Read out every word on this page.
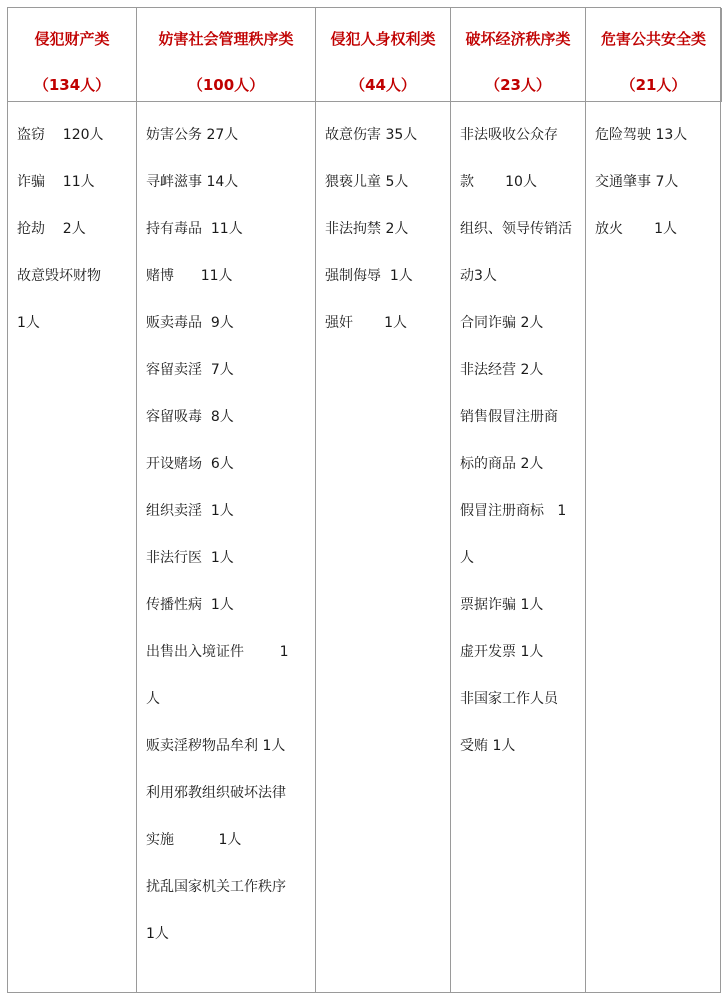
侵犯财产类
（134人）
妨害社会管理秩序类
（100人）
侵犯人身权利类
（44人）
破坏经济秩序类
（23人）
危害公共安全类
（21人）
盗窃    120人
诈骗    11人
抢劫    2人
故意毁坏财物
1人
妨害公务 27人
寻衅滋事 14人
持有毒品  11人
赌博      11人
贩卖毒品  9人
容留卖淫  7人
容留吸毒  8人
开设赌场  6人
组织卖淫  1人
非法行医  1人
传播性病  1人
出售出入境证件        1
人
贩卖淫秽物品牟利 1人
利用邪教组织破坏法律
实施          1人
扰乱国家机关工作秩序
1人
故意伤害 35人
猥亵儿童 5人
非法拘禁 2人
强制侮辱  1人
强奸       1人
非法吸收公众存
款       10人
组织、领导传销活
动3人
合同诈骗 2人
非法经营 2人
销售假冒注册商
标的商品 2人
假冒注册商标   1
人
票据诈骗 1人
虚开发票 1人
非国家工作人员
受贿 1人
危险驾驶 13人
交通肇事 7人
放火       1人
